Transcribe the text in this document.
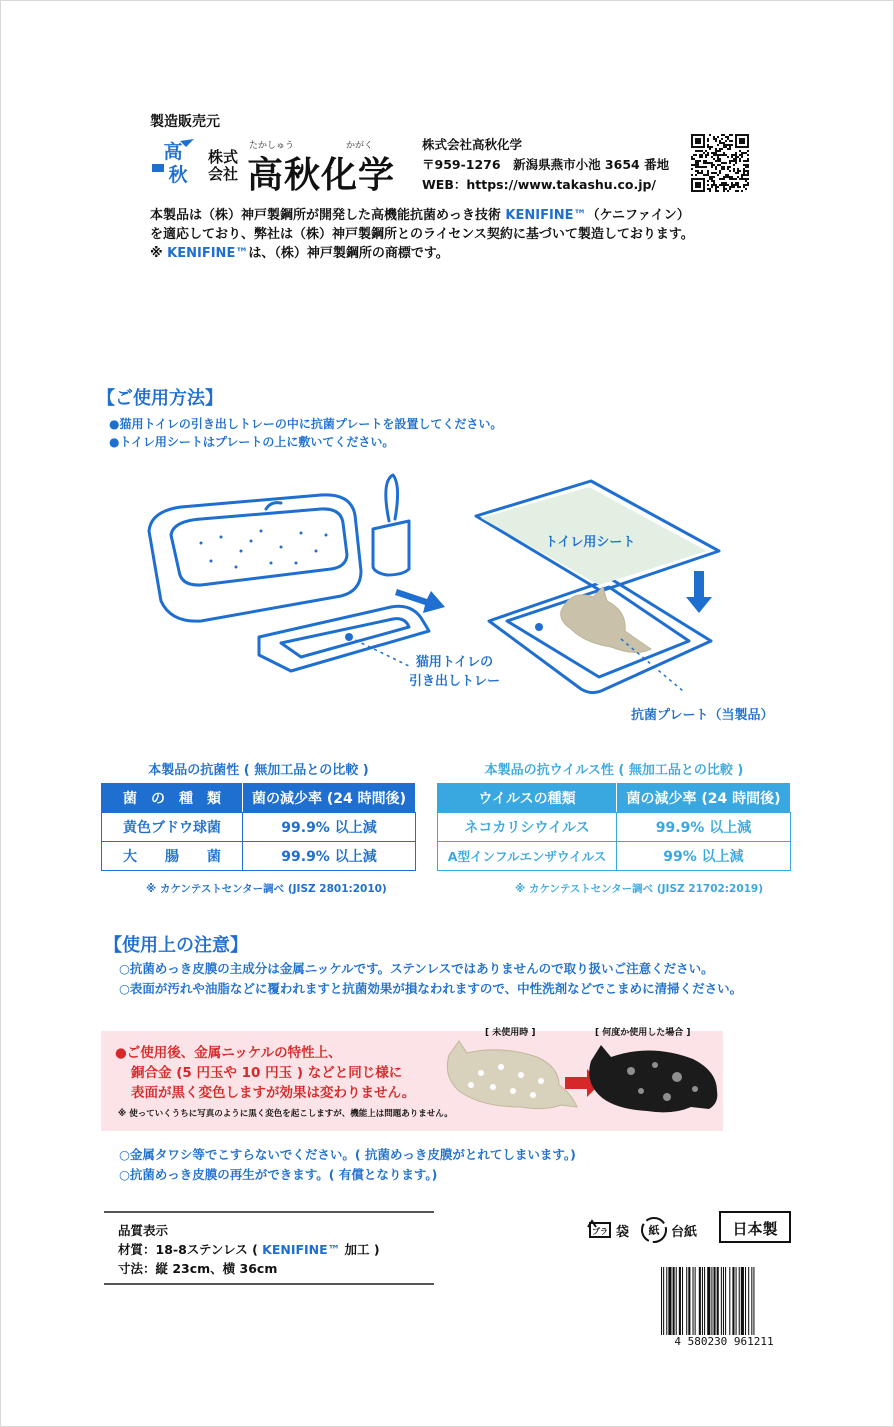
製造販売元
高
秋
株式
会社
たかしゅう	かがく
高秋化学
株式会社高秋化学
〒959-1276　新潟県燕市小池 3654 番地
WEB：https://www.takashu.co.jp/
本製品は（株）神戸製鋼所が開発した高機能抗菌めっき技術 KENIFINE™（ケニファイン）
を適応しており、弊社は（株）神戸製鋼所とのライセンス契約に基づいて製造しております。
※ KENIFINE™は、（株）神戸製鋼所の商標です。
【ご使用方法】
●猫用トイレの引き出しトレーの中に抗菌プレートを設置してください。
●トイレ用シートはプレートの上に敷いてください。
トイレ用シート
猫用トイレの
引き出しトレー
抗菌プレート（当製品）
本製品の抗菌性 ( 無加工品との比較 )
菌　の　種　類	菌の減少率 (24 時間後)
黄色ブドウ球菌	99.9% 以上減
大　　腸　　菌	99.9% 以上減
※ カケンテストセンター調べ (JISZ 2801:2010)
本製品の抗ウイルス性 ( 無加工品との比較 )
ウイルスの種類	菌の減少率 (24 時間後)
ネコカリシウイルス	99.9% 以上減
A型インフルエンザウイルス	99% 以上減
※ カケンテストセンター調べ (JISZ 21702:2019)
【使用上の注意】
○抗菌めっき皮膜の主成分は金属ニッケルです。ステンレスではありませんので取り扱いご注意ください。
○表面が汚れや油脂などに覆われますと抗菌効果が損なわれますので、中性洗剤などでこまめに清掃ください。
●ご使用後、金属ニッケルの特性上、
銅合金 (5 円玉や 10 円玉 ) などと同じ様に
表面が黒く変色しますが効果は変わりません。
※ 使っていくうちに写真のように黒く変色を起こしますが、機能上は問題ありません。
[ 未使用時 ]	[ 何度か使用した場合 ]
○金属タワシ等でこすらないでください。( 抗菌めっき皮膜がとれてしまいます。)
○抗菌めっき皮膜の再生ができます。( 有償となります。)
品質表示
材質：18-8ステンレス ( KENIFINE™ 加工 )
寸法：縦 23cm、横 36cm
プラ 袋 紙 台紙	日本製
4 580230 961211
